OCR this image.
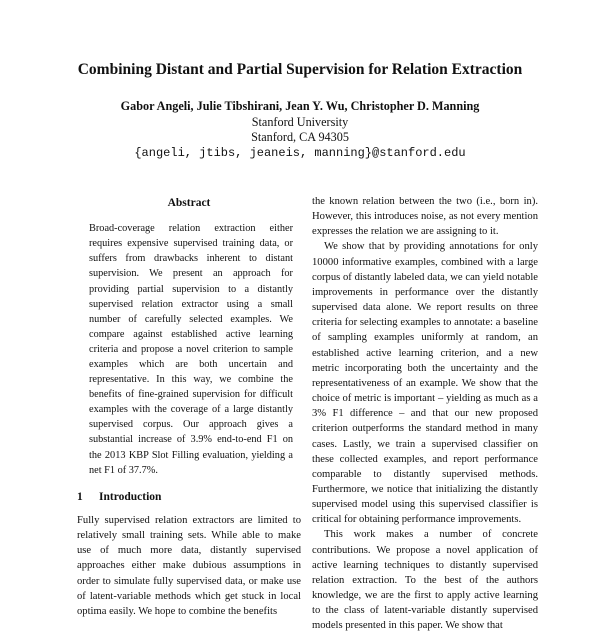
Combining Distant and Partial Supervision for Relation Extraction
Gabor Angeli, Julie Tibshirani, Jean Y. Wu, Christopher D. Manning
Stanford University
Stanford, CA 94305
{angeli, jtibs, jeaneis, manning}@stanford.edu
Abstract

Broad-coverage relation extraction either requires expensive supervised training data, or suffers from drawbacks inherent to distant supervision. We present an approach for providing partial supervision to a distantly supervised relation extractor using a small number of carefully selected examples. We compare against established active learning criteria and propose a novel criterion to sample examples which are both uncertain and representative. In this way, we combine the benefits of fine-grained supervision for difficult examples with the coverage of a large distantly supervised corpus. Our approach gives a substantial increase of 3.9% end-to-end F1 on the 2013 KBP Slot Filling evaluation, yielding a net F1 of 37.7%.

1 Introduction

Fully supervised relation extractors are limited to relatively small training sets. While able to make use of much more data, distantly supervised approaches either make dubious assumptions in order to simulate fully supervised data, or make use of latent-variable methods which get stuck in local optima easily. We hope to combine the benefits

the known relation between the two (i.e., born in). However, this introduces noise, as not every mention expresses the relation we are assigning to it.

We show that by providing annotations for only 10000 informative examples, combined with a large corpus of distantly labeled data, we can yield notable improvements in performance over the distantly supervised data alone. We report results on three criteria for selecting examples to annotate: a baseline of sampling examples uniformly at random, an established active learning criterion, and a new metric incorporating both the uncertainty and the representativeness of an example. We show that the choice of metric is important – yielding as much as a 3% F1 difference – and that our new proposed criterion outperforms the standard method in many cases. Lastly, we train a supervised classifier on these collected examples, and report performance comparable to distantly supervised methods. Furthermore, we notice that initializing the distantly supervised model using this supervised classifier is critical for obtaining performance improvements.

This work makes a number of concrete contributions. We propose a novel application of active learning techniques to distantly supervised relation extraction. To the best of the authors knowledge, we are the first to apply active learning to the class of latent-variable distantly supervised models presented in this paper. We show that
